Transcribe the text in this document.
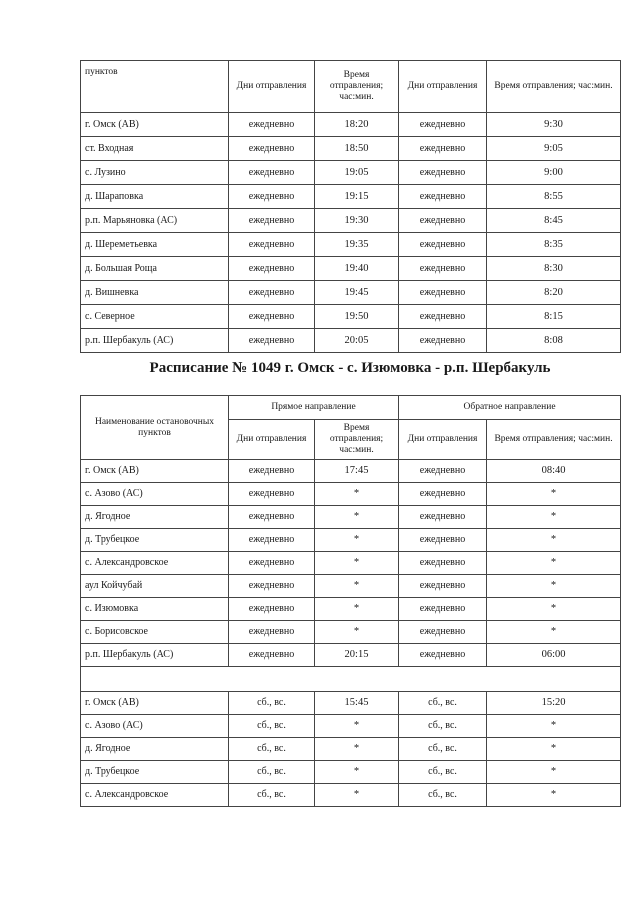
пунктов	Дни отправления	Время отправления; час:мин.	Дни отправления	Время отправления; час:мин.
г. Омск (АВ)	ежедневно	18:20	ежедневно	9:30
ст. Входная	ежедневно	18:50	ежедневно	9:05
с. Лузино	ежедневно	19:05	ежедневно	9:00
д. Шараповка	ежедневно	19:15	ежедневно	8:55
р.п. Марьяновка (АС)	ежедневно	19:30	ежедневно	8:45
д. Шереметьевка	ежедневно	19:35	ежедневно	8:35
д. Большая Роща	ежедневно	19:40	ежедневно	8:30
д. Вишневка	ежедневно	19:45	ежедневно	8:20
с. Северное	ежедневно	19:50	ежедневно	8:15
р.п. Шербакуль (АС)	ежедневно	20:05	ежедневно	8:08
Расписание № 1049 г. Омск - с. Изюмовка - р.п. Шербакуль
Наименование остановочных пунктов	Прямое направление		Обратное направление	
	Дни отправления	Время отправления; час:мин.	Дни отправления	Время отправления; час:мин.
г. Омск (АВ)	ежедневно	17:45	ежедневно	08:40
с. Азово (АС)	ежедневно	*	ежедневно	*
д. Ягодное	ежедневно	*	ежедневно	*
д. Трубецкое	ежедневно	*	ежедневно	*
с. Александровское	ежедневно	*	ежедневно	*
аул Койчубай	ежедневно	*	ежедневно	*
с. Изюмовка	ежедневно	*	ежедневно	*
с. Борисовское	ежедневно	*	ежедневно	*
р.п. Шербакуль (АС)	ежедневно	20:15	ежедневно	06:00

г. Омск (АВ)	сб., вс.	15:45	сб., вс.	15:20
с. Азово (АС)	сб., вс.	*	сб., вс.	*
д. Ягодное	сб., вс.	*	сб., вс.	*
д. Трубецкое	сб., вс.	*	сб., вс.	*
с. Александровское	сб., вс.	*	сб., вс.	*
